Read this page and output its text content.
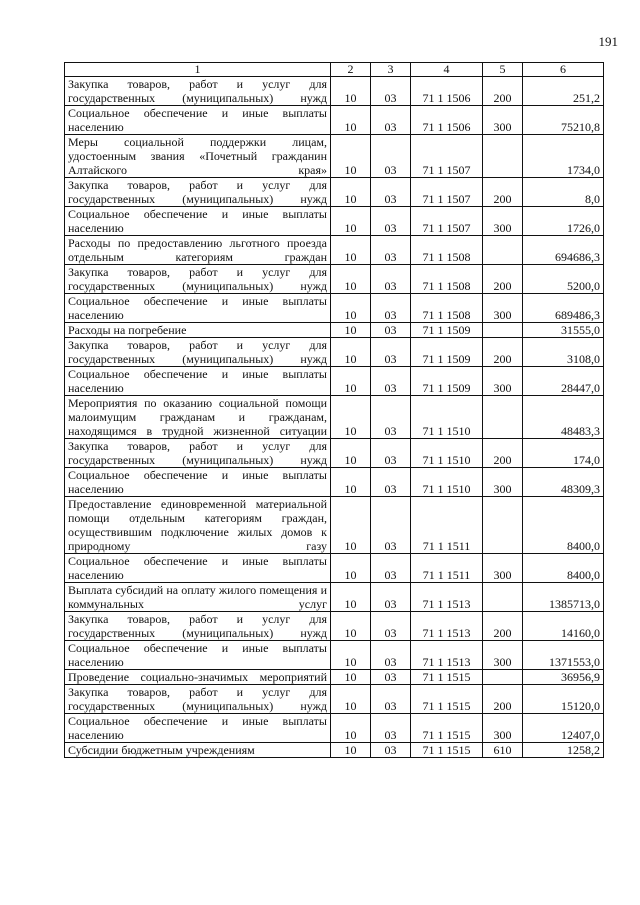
191
1	2	3	4	5	6
Закупка товаров, работ и услуг для государственных (муниципальных) нужд	10	03	71 1 1506	200	251,2
Социальное обеспечение и иные выплаты населению	10	03	71 1 1506	300	75210,8
Меры социальной поддержки лицам, удостоенным звания «Почетный гражданин Алтайского края»	10	03	71 1 1507		1734,0
Закупка товаров, работ и услуг для государственных (муниципальных) нужд	10	03	71 1 1507	200	8,0
Социальное обеспечение и иные выплаты населению	10	03	71 1 1507	300	1726,0
Расходы по предоставлению льготного проезда отдельным категориям граждан	10	03	71 1 1508		694686,3
Закупка товаров, работ и услуг для государственных (муниципальных) нужд	10	03	71 1 1508	200	5200,0
Социальное обеспечение и иные выплаты населению	10	03	71 1 1508	300	689486,3
Расходы на погребение	10	03	71 1 1509		31555,0
Закупка товаров, работ и услуг для государственных (муниципальных) нужд	10	03	71 1 1509	200	3108,0
Социальное обеспечение и иные выплаты населению	10	03	71 1 1509	300	28447,0
Мероприятия по оказанию социальной помощи малоимущим гражданам и гражданам, находящимся в трудной жизненной ситуации	10	03	71 1 1510		48483,3
Закупка товаров, работ и услуг для государственных (муниципальных) нужд	10	03	71 1 1510	200	174,0
Социальное обеспечение и иные выплаты населению	10	03	71 1 1510	300	48309,3
Предоставление единовременной материальной помощи отдельным категориям граждан, осуществившим подключение жилых домов к природному газу	10	03	71 1 1511		8400,0
Социальное обеспечение и иные выплаты населению	10	03	71 1 1511	300	8400,0
Выплата субсидий на оплату жилого помещения и коммунальных услуг	10	03	71 1 1513		1385713,0
Закупка товаров, работ и услуг для государственных (муниципальных) нужд	10	03	71 1 1513	200	14160,0
Социальное обеспечение и иные выплаты населению	10	03	71 1 1513	300	1371553,0
Проведение социально-значимых мероприятий	10	03	71 1 1515		36956,9
Закупка товаров, работ и услуг для государственных (муниципальных) нужд	10	03	71 1 1515	200	15120,0
Социальное обеспечение и иные выплаты населению	10	03	71 1 1515	300	12407,0
Субсидии бюджетным учреждениям	10	03	71 1 1515	610	1258,2
